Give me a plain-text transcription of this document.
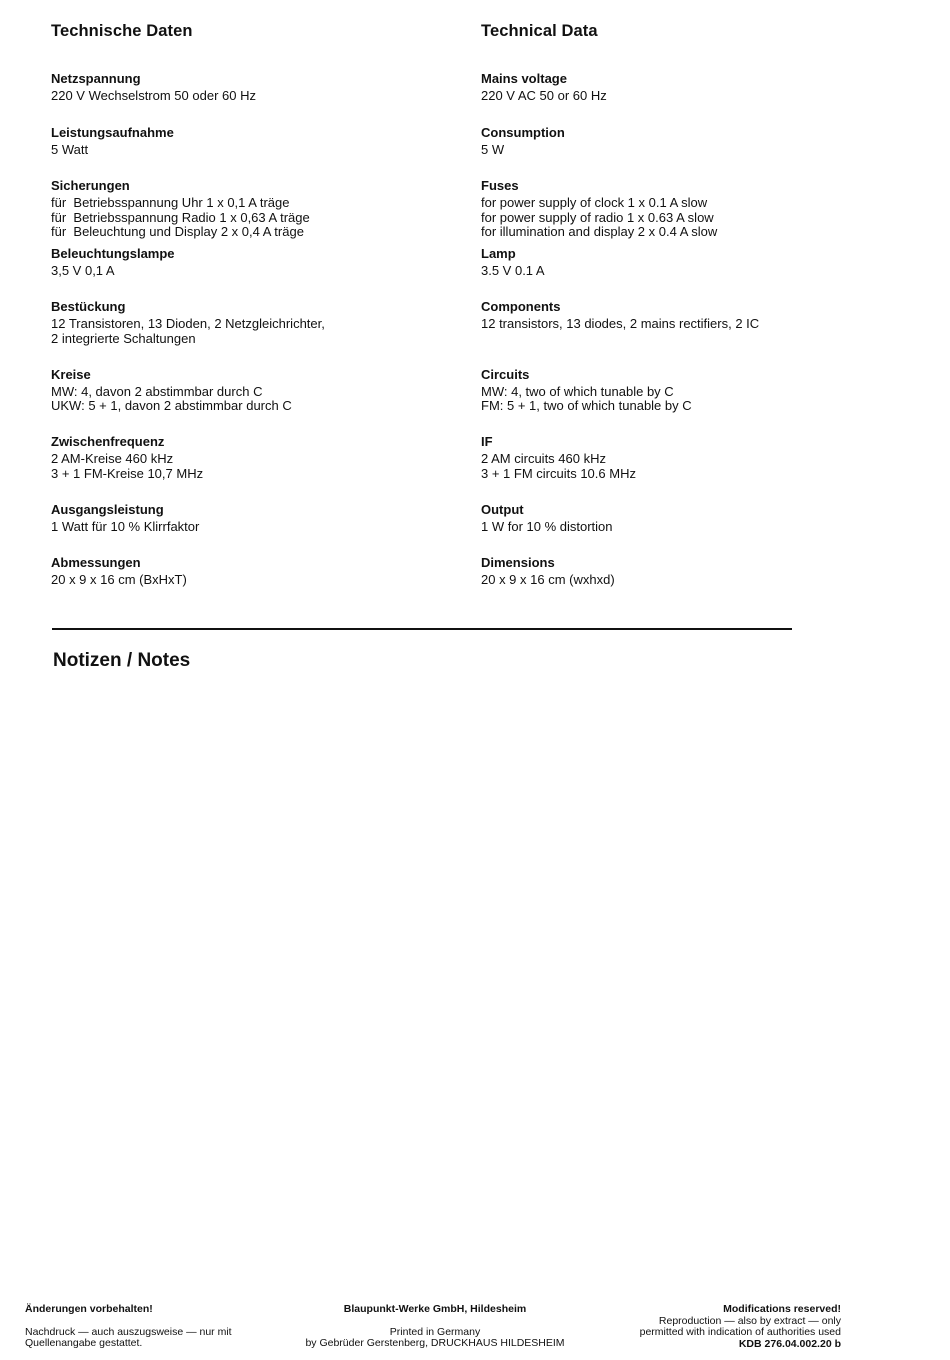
Technische Daten
Netzspannung
220 V Wechselstrom 50 oder 60 Hz
Leistungsaufnahme
5 Watt
Sicherungen
für  Betriebsspannung Uhr 1 x 0,1 A träge
für  Betriebsspannung Radio 1 x 0,63 A träge
für  Beleuchtung und Display 2 x 0,4 A träge
Beleuchtungslampe
3,5 V 0,1 A
Bestückung
12 Transistoren, 13 Dioden, 2 Netzgleichrichter,
2 integrierte Schaltungen
Kreise
MW: 4, davon 2 abstimmbar durch C
UKW: 5 + 1, davon 2 abstimmbar durch C
Zwischenfrequenz
2 AM-Kreise 460 kHz
3 + 1 FM-Kreise 10,7 MHz
Ausgangsleistung
1 Watt für 10 % Klirrfaktor
Abmessungen
20 x 9 x 16 cm (BxHxT)
Technical Data
Mains voltage
220 V AC 50 or 60 Hz
Consumption
5 W
Fuses
for power supply of clock 1 x 0.1 A slow
for power supply of radio 1 x 0.63 A slow
for illumination and display 2 x 0.4 A slow
Lamp
3.5 V 0.1 A
Components
12 transistors, 13 diodes, 2 mains rectifiers, 2 IC
Circuits
MW: 4, two of which tunable by C
FM: 5 + 1, two of which tunable by C
IF
2 AM circuits 460 kHz
3 + 1 FM circuits 10.6 MHz
Output
1 W for 10 % distortion
Dimensions
20 x 9 x 16 cm (wxhxd)
Notizen / Notes
Änderungen vorbehalten!
Nachdruck — auch auszugsweise — nur mit
Quellenangabe gestattet.
Blaupunkt-Werke GmbH, Hildesheim
Printed in Germany
by Gebrüder Gerstenberg, DRUCKHAUS HILDESHEIM
Modifications reserved!
Reproduction — also by extract — only
permitted with indication of authorities used
KDB 276.04.002.20 b
